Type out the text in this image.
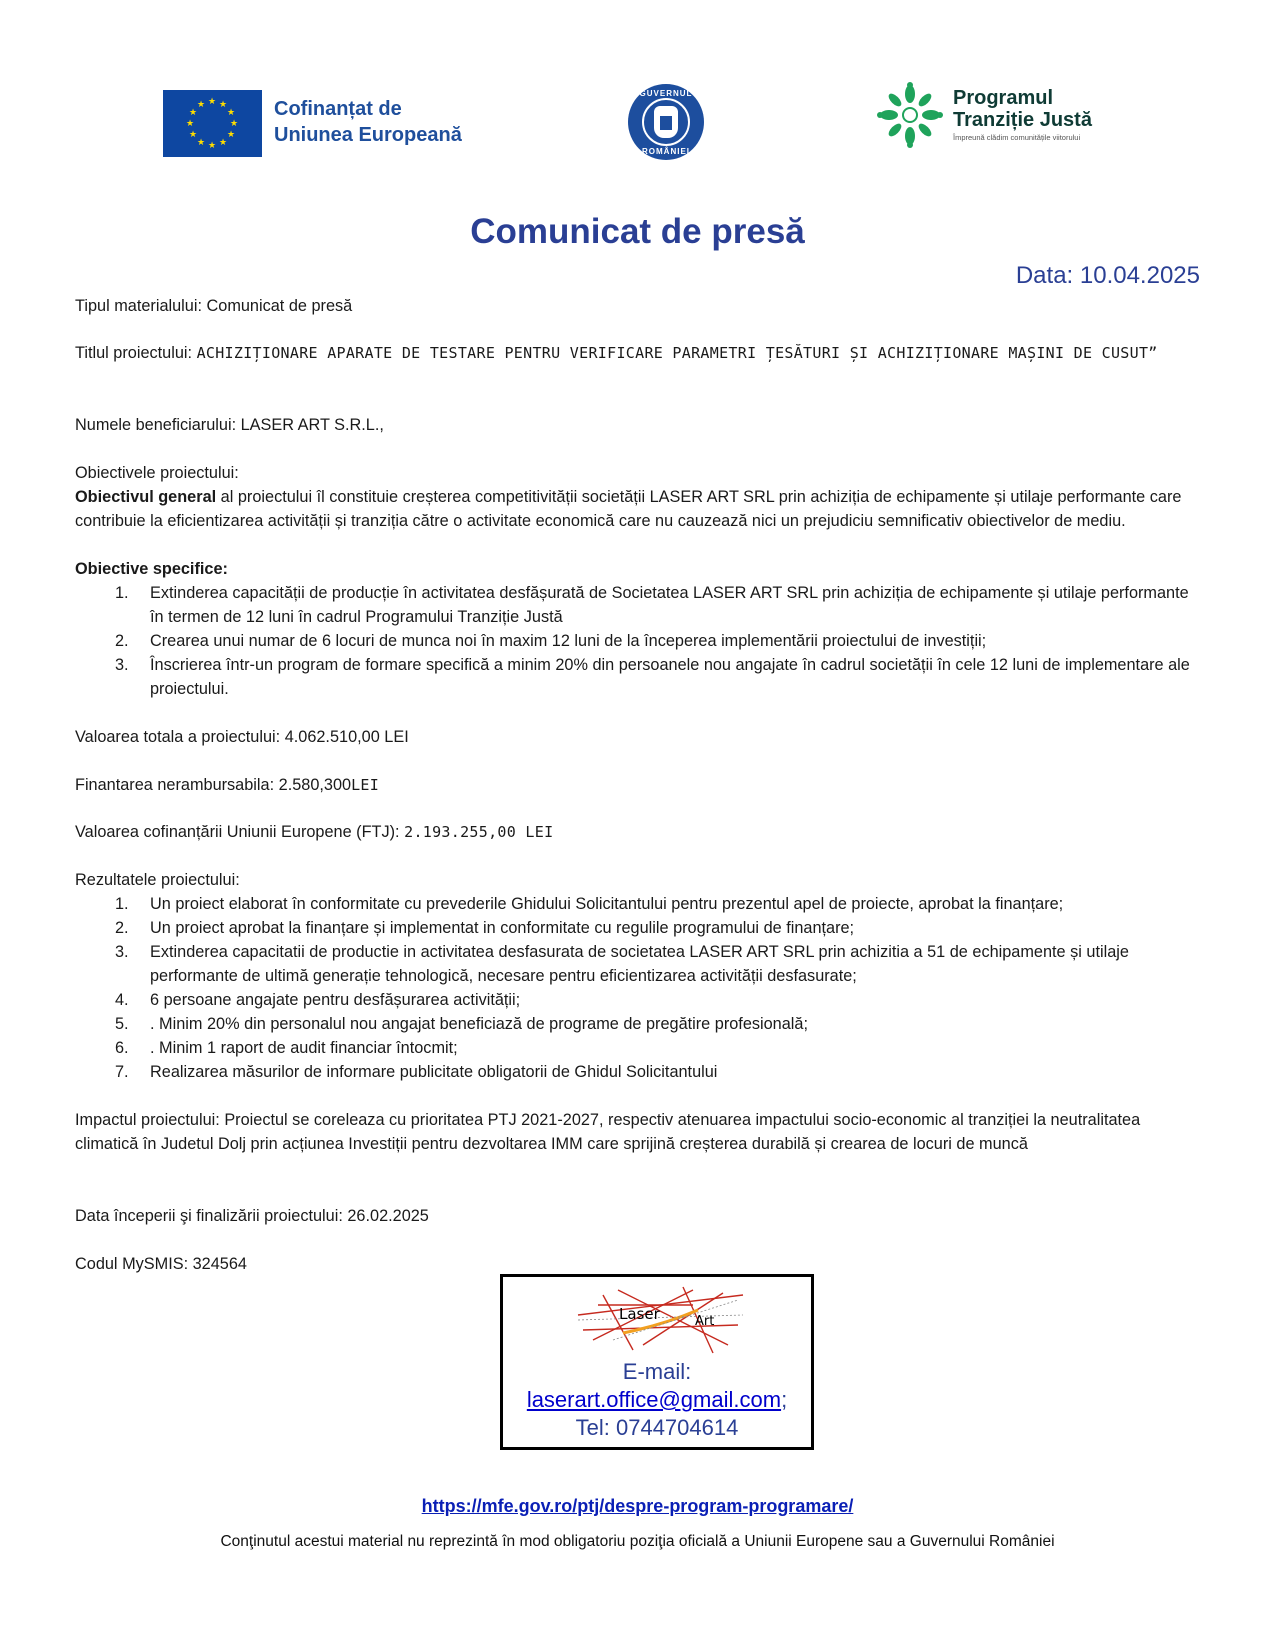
★ ★
★
★
★
★
★
★
★
★
★
★	Cofinanțat de
Uniunea Europeană
GUVERNUL
ROMÂNIEI
Programul
Tranziție Justă
Împreună clădim comunitățile viitorului
Comunicat de presă
Data: 10.04.2025
Tipul materialului: Comunicat de presă
Titlul proiectului: ACHIZIȚIONARE APARATE DE TESTARE PENTRU VERIFICARE PARAMETRI ȚESĂTURI ȘI ACHIZIȚIONARE MAȘINI DE CUSUT”
Numele beneficiarului: LASER ART S.R.L.,
Obiectivele proiectului:
Obiectivul general al proiectului îl constituie creșterea competitivității societății LASER ART SRL prin achiziția de echipamente și utilaje performante care contribuie la eficientizarea activității și tranziția către o activitate economică care nu cauzează nici un prejudiciu semnificativ obiectivelor de mediu.
Obiective specifice:
1. Extinderea capacității de producție în activitatea desfășurată de Societatea LASER ART SRL prin achiziția de echipamente și utilaje performante în termen de 12 luni în cadrul Programului Tranziție Justă
2. Crearea unui numar de 6 locuri de munca noi în maxim 12 luni de la începerea implementării proiectului de investiții;
3. Înscrierea într-un program de formare specifică a minim 20% din persoanele nou angajate în cadrul societății în cele 12 luni de implementare ale proiectului.
Valoarea totala a proiectului: 4.062.510,00 LEI
Finantarea nerambursabila: 2.580,300LEI
Valoarea cofinanțării Uniunii Europene (FTJ): 2.193.255,00 LEI
Rezultatele proiectului:
1. Un proiect elaborat în conformitate cu prevederile Ghidului Solicitantului pentru prezentul apel de proiecte, aprobat la finanțare;
2. Un proiect aprobat la finanțare și implementat in conformitate cu regulile programului de finanțare;
3. Extinderea capacitatii de productie in activitatea desfasurata de societatea LASER ART SRL prin achizitia a 51 de echipamente și utilaje performante de ultimă generație tehnologică, necesare pentru eficientizarea activității desfasurate;
4. 6 persoane angajate pentru desfășurarea activității;
5. . Minim 20% din personalul nou angajat beneficiază de programe de pregătire profesională;
6. . Minim 1 raport de audit financiar întocmit;
7. Realizarea măsurilor de informare publicitate obligatorii de Ghidul Solicitantului
Impactul proiectului: Proiectul se coreleaza cu prioritatea PTJ 2021-2027, respectiv atenuarea impactului socio-economic al tranziției la neutralitatea climatică în Judetul Dolj prin acțiunea Investiții pentru dezvoltarea IMM care sprijină creșterea durabilă și crearea de locuri de muncă
Data începerii şi finalizării proiectului: 26.02.2025
Codul MySMIS: 324564
Laser	Art
E-mail:
laserart.office@gmail.com;
Tel: 0744704614
https://mfe.gov.ro/ptj/despre-program-programare/
Conţinutul acestui material nu reprezintă în mod obligatoriu poziţia oficială a Uniunii Europene sau a Guvernului României
